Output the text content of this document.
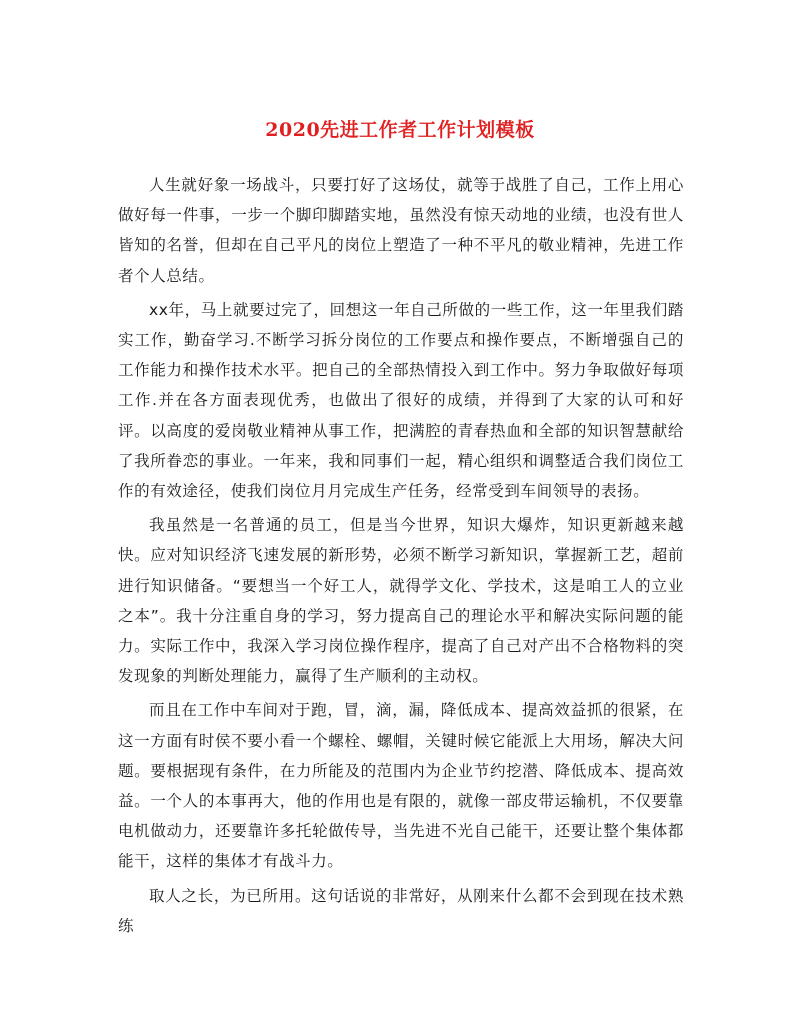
2020先进工作者工作计划模板

人生就好象一场战斗，只要打好了这场仗，就等于战胜了自己，工作上用心做好每一件事，一步一个脚印脚踏实地，虽然没有惊天动地的业绩，也没有世人皆知的名誉，但却在自己平凡的岗位上塑造了一种不平凡的敬业精神，先进工作者个人总结。

xx年，马上就要过完了，回想这一年自己所做的一些工作，这一年里我们踏实工作，勤奋学习.不断学习拆分岗位的工作要点和操作要点，不断增强自己的工作能力和操作技术水平。把自己的全部热情投入到工作中。努力争取做好每项工作.并在各方面表现优秀，也做出了很好的成绩，并得到了大家的认可和好评。以高度的爱岗敬业精神从事工作，把满腔的青春热血和全部的知识智慧献给了我所眷恋的事业。一年来，我和同事们一起，精心组织和调整适合我们岗位工作的有效途径，使我们岗位月月完成生产任务，经常受到车间领导的表扬。

我虽然是一名普通的员工，但是当今世界，知识大爆炸，知识更新越来越快。应对知识经济飞速发展的新形势，必须不断学习新知识，掌握新工艺，超前进行知识储备。“要想当一个好工人，就得学文化、学技术，这是咱工人的立业之本”。我十分注重自身的学习，努力提高自己的理论水平和解决实际问题的能力。实际工作中，我深入学习岗位操作程序，提高了自己对产出不合格物料的突发现象的判断处理能力，赢得了生产顺利的主动权。

而且在工作中车间对于跑，冒，滴，漏，降低成本、提高效益抓的很紧，在这一方面有时侯不要小看一个螺栓、螺帽，关键时候它能派上大用场，解决大问题。要根据现有条件，在力所能及的范围内为企业节约挖潜、降低成本、提高效益。一个人的本事再大，他的作用也是有限的，就像一部皮带运输机，不仅要靠电机做动力，还要靠许多托轮做传导，当先进不光自己能干，还要让整个集体都能干，这样的集体才有战斗力。

取人之长，为已所用。这句话说的非常好，从刚来什么都不会到现在技术熟练
